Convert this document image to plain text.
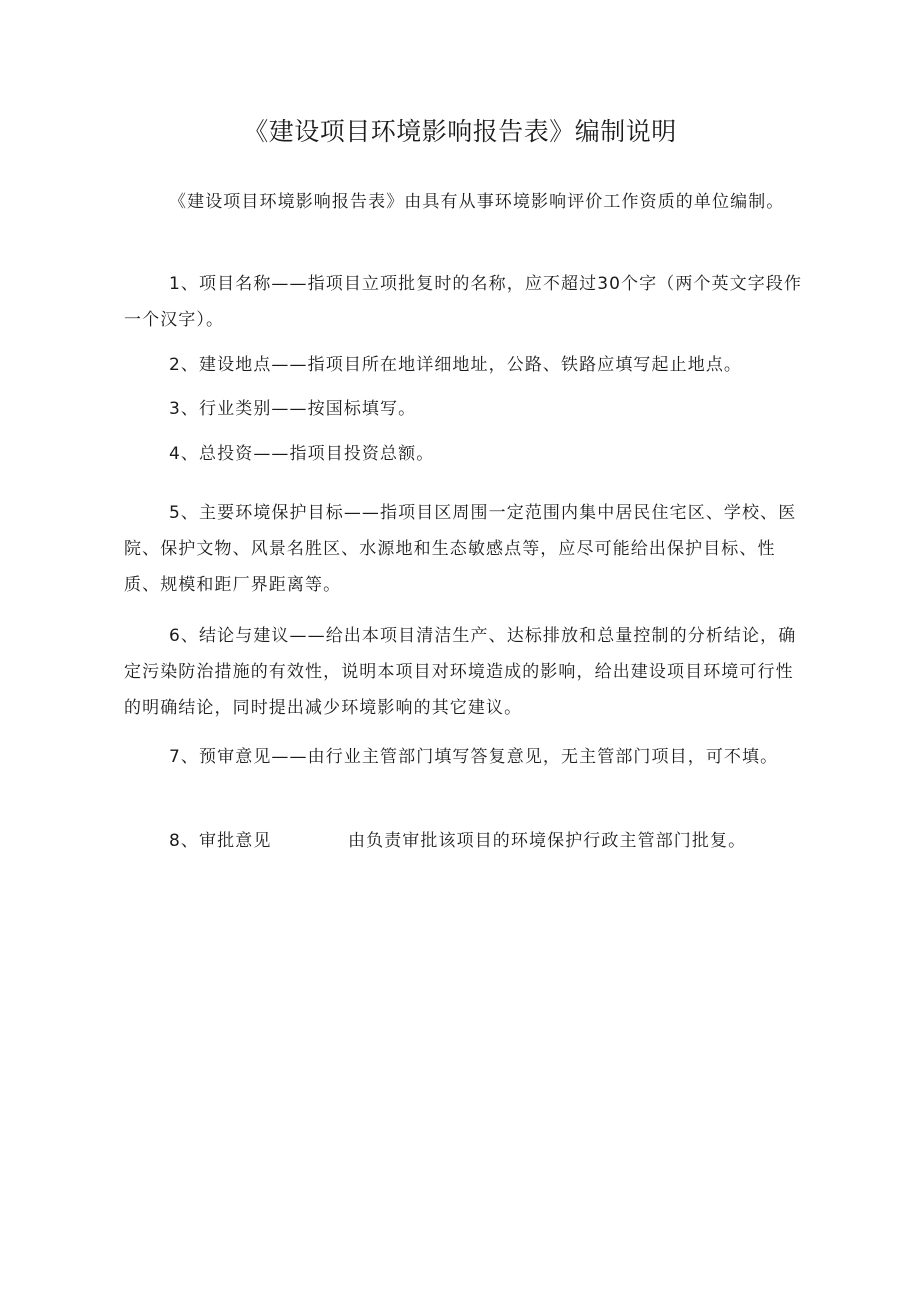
《建设项目环境影响报告表》编制说明

《建设项目环境影响报告表》由具有从事环境影响评价工作资质的单位编制。

1、项目名称——指项目立项批复时的名称，应不超过30个字（两个英文字段作一个汉字）。

2、建设地点——指项目所在地详细地址，公路、铁路应填写起止地点。

3、行业类别——按国标填写。

4、总投资——指项目投资总额。

5、主要环境保护目标——指项目区周围一定范围内集中居民住宅区、学校、医院、保护文物、风景名胜区、水源地和生态敏感点等，应尽可能给出保护目标、性质、规模和距厂界距离等。

6、结论与建议——给出本项目清洁生产、达标排放和总量控制的分析结论，确定污染防治措施的有效性，说明本项目对环境造成的影响，给出建设项目环境可行性的明确结论，同时提出减少环境影响的其它建议。

7、预审意见——由行业主管部门填写答复意见，无主管部门项目，可不填。

8、审批意见	由负责审批该项目的环境保护行政主管部门批复。
